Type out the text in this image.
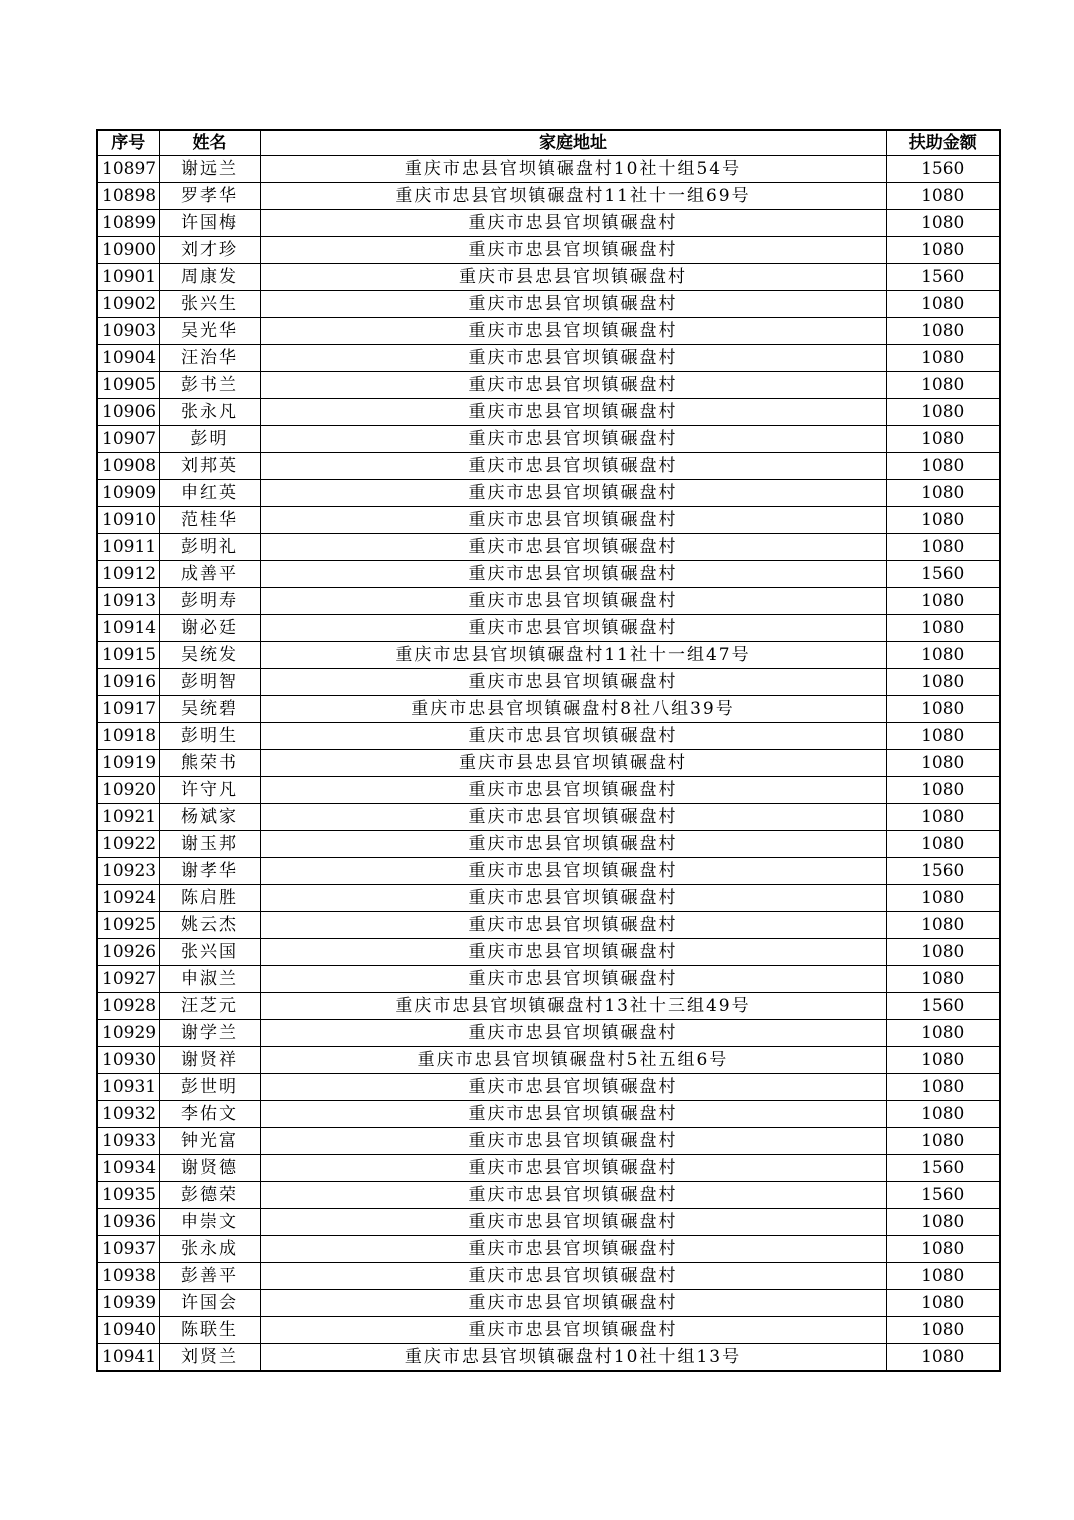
序号	姓名	家庭地址	扶助金额
10897	谢远兰	重庆市忠县官坝镇碾盘村10社十组54号	1560
10898	罗孝华	重庆市忠县官坝镇碾盘村11社十一组69号	1080
10899	许国梅	重庆市忠县官坝镇碾盘村	1080
10900	刘才珍	重庆市忠县官坝镇碾盘村	1080
10901	周康发	重庆市县忠县官坝镇碾盘村	1560
10902	张兴生	重庆市忠县官坝镇碾盘村	1080
10903	吴光华	重庆市忠县官坝镇碾盘村	1080
10904	汪治华	重庆市忠县官坝镇碾盘村	1080
10905	彭书兰	重庆市忠县官坝镇碾盘村	1080
10906	张永凡	重庆市忠县官坝镇碾盘村	1080
10907	彭明	重庆市忠县官坝镇碾盘村	1080
10908	刘邦英	重庆市忠县官坝镇碾盘村	1080
10909	申红英	重庆市忠县官坝镇碾盘村	1080
10910	范桂华	重庆市忠县官坝镇碾盘村	1080
10911	彭明礼	重庆市忠县官坝镇碾盘村	1080
10912	成善平	重庆市忠县官坝镇碾盘村	1560
10913	彭明寿	重庆市忠县官坝镇碾盘村	1080
10914	谢必廷	重庆市忠县官坝镇碾盘村	1080
10915	吴统发	重庆市忠县官坝镇碾盘村11社十一组47号	1080
10916	彭明智	重庆市忠县官坝镇碾盘村	1080
10917	吴统碧	重庆市忠县官坝镇碾盘村8社八组39号	1080
10918	彭明生	重庆市忠县官坝镇碾盘村	1080
10919	熊荣书	重庆市县忠县官坝镇碾盘村	1080
10920	许守凡	重庆市忠县官坝镇碾盘村	1080
10921	杨斌家	重庆市忠县官坝镇碾盘村	1080
10922	谢玉邦	重庆市忠县官坝镇碾盘村	1080
10923	谢孝华	重庆市忠县官坝镇碾盘村	1560
10924	陈启胜	重庆市忠县官坝镇碾盘村	1080
10925	姚云杰	重庆市忠县官坝镇碾盘村	1080
10926	张兴国	重庆市忠县官坝镇碾盘村	1080
10927	申淑兰	重庆市忠县官坝镇碾盘村	1080
10928	汪芝元	重庆市忠县官坝镇碾盘村13社十三组49号	1560
10929	谢学兰	重庆市忠县官坝镇碾盘村	1080
10930	谢贤祥	重庆市忠县官坝镇碾盘村5社五组6号	1080
10931	彭世明	重庆市忠县官坝镇碾盘村	1080
10932	李佑文	重庆市忠县官坝镇碾盘村	1080
10933	钟光富	重庆市忠县官坝镇碾盘村	1080
10934	谢贤德	重庆市忠县官坝镇碾盘村	1560
10935	彭德荣	重庆市忠县官坝镇碾盘村	1560
10936	申崇文	重庆市忠县官坝镇碾盘村	1080
10937	张永成	重庆市忠县官坝镇碾盘村	1080
10938	彭善平	重庆市忠县官坝镇碾盘村	1080
10939	许国会	重庆市忠县官坝镇碾盘村	1080
10940	陈联生	重庆市忠县官坝镇碾盘村	1080
10941	刘贤兰	重庆市忠县官坝镇碾盘村10社十组13号	1080
